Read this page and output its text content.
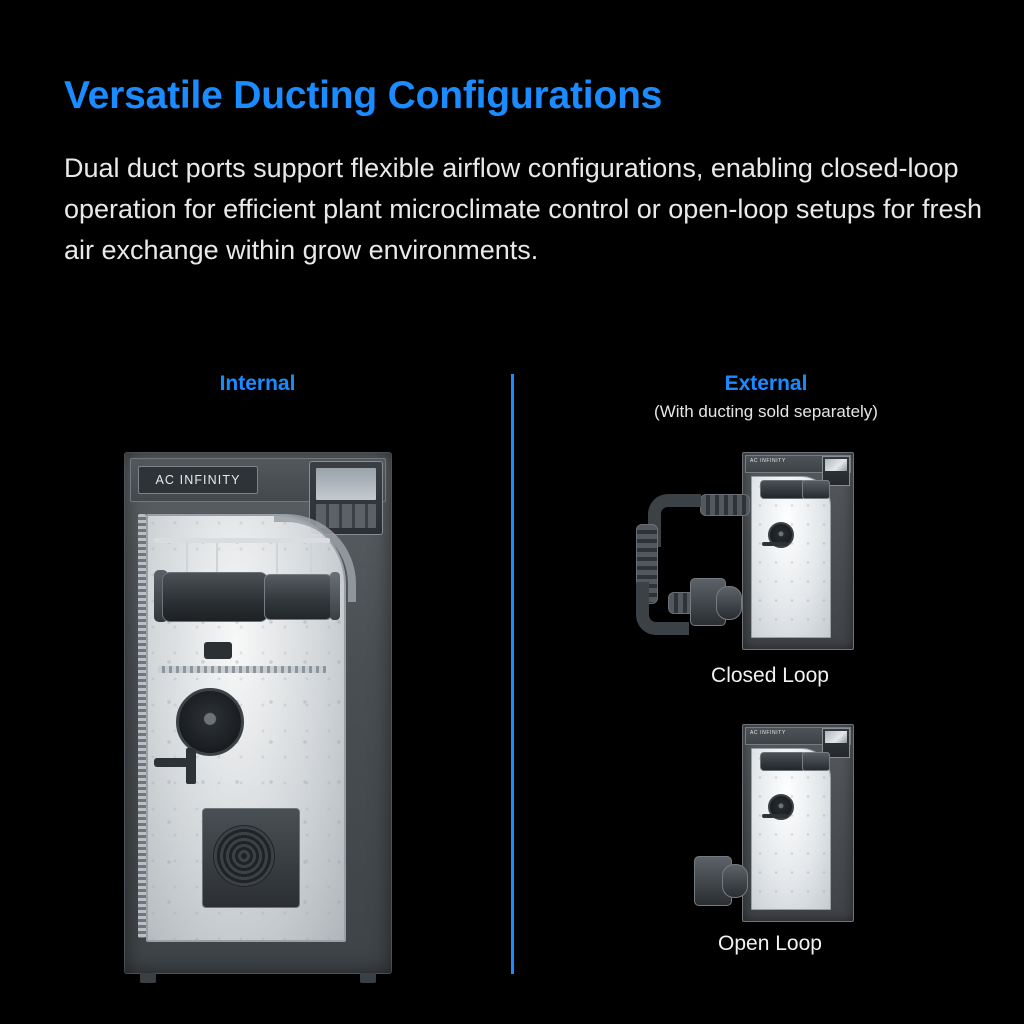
Versatile Ducting Configurations
Dual duct ports support flexible airflow configurations, enabling closed-loop operation for efficient plant microclimate control or open-loop setups for fresh air exchange within grow environments.
Internal	External
(With ducting sold separately)
AC INFINITY
AC INFINITY
Closed Loop
AC INFINITY
Open Loop
